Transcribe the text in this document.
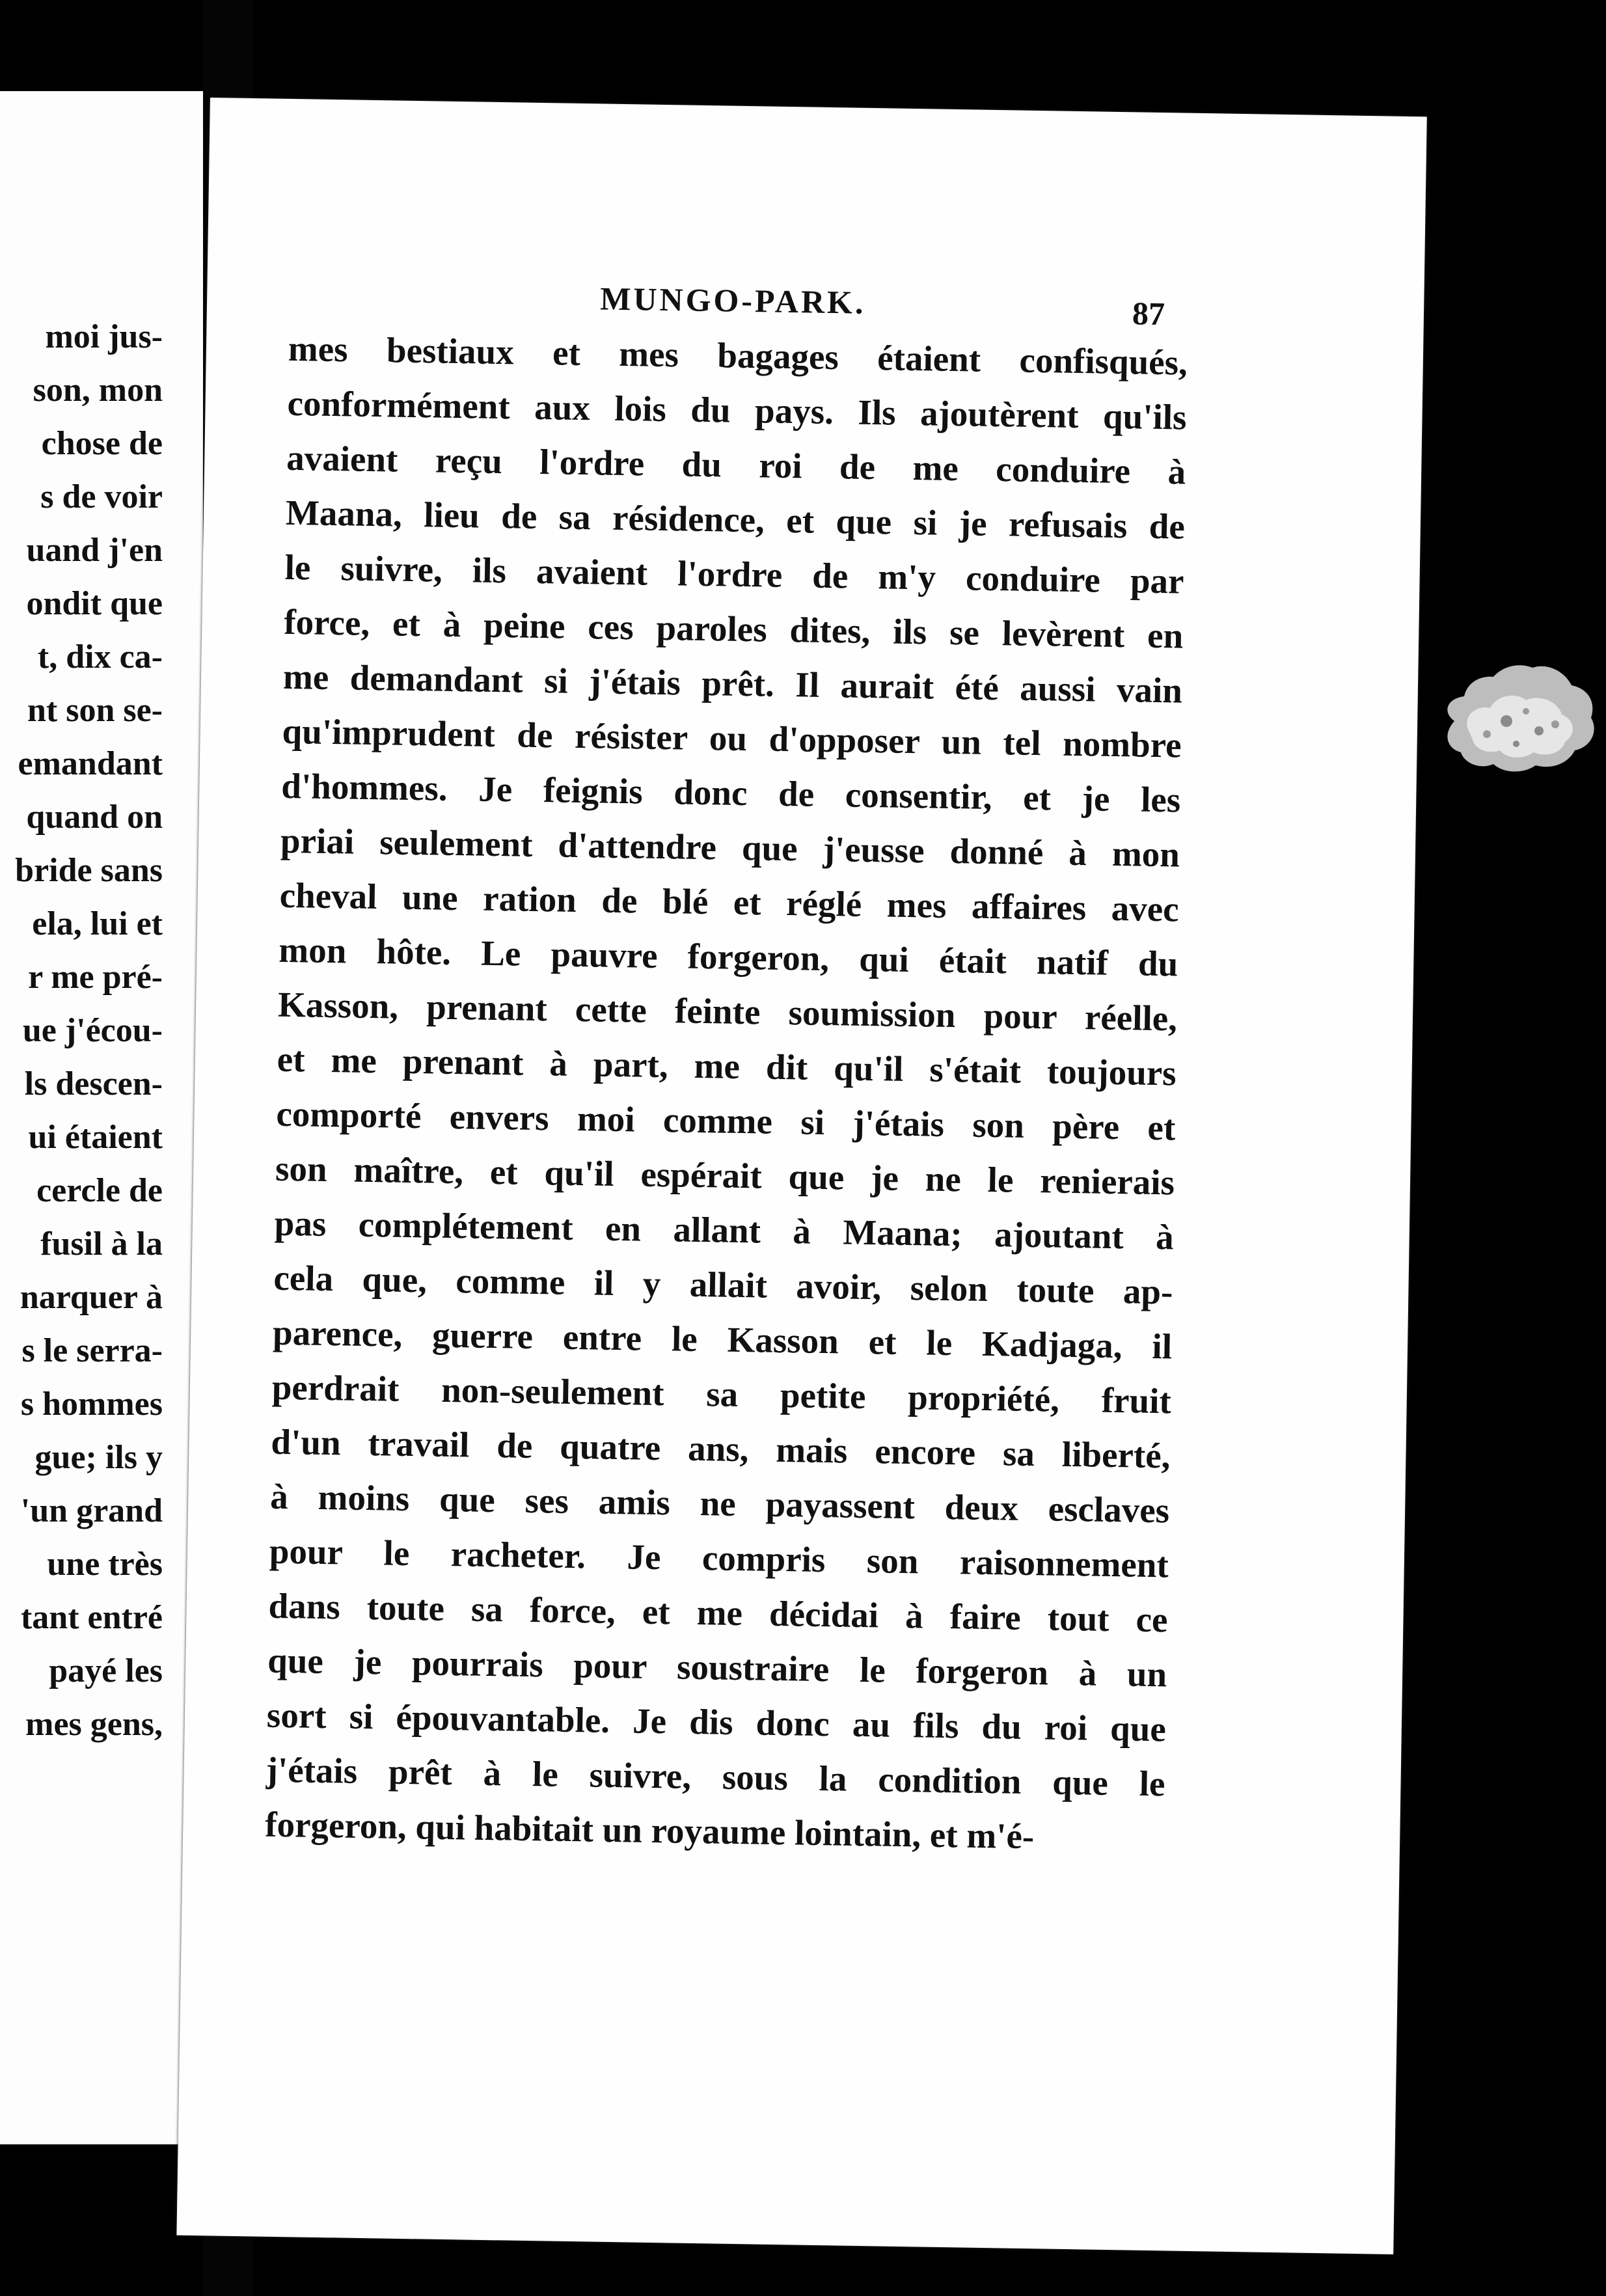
moi jus-
son, mon
chose de
s de voir
uand j'en
ondit que
t, dix ca-
nt son se-
emandant
quand on
bride sans
ela, lui et
r me pré-
ue j'écou-
ls descen-
ui étaient
cercle de
fusil à la
narquer à
s le serra-
s hommes
gue; ils y
'un grand
une très
tant entré
payé les
mes gens,
MUNGO-PARK.	87
mes bestiaux et mes bagages étaient confisqués,
conformément aux lois du pays. Ils ajoutèrent qu'ils
avaient reçu l'ordre du roi de me conduire à
Maana, lieu de sa résidence, et que si je refusais de
le suivre, ils avaient l'ordre de m'y conduire par
force, et à peine ces paroles dites, ils se levèrent en
me demandant si j'étais prêt. Il aurait été aussi vain
qu'imprudent de résister ou d'opposer un tel nombre
d'hommes. Je feignis donc de consentir, et je les
priai seulement d'attendre que j'eusse donné à mon
cheval une ration de blé et réglé mes affaires avec
mon hôte. Le pauvre forgeron, qui était natif du
Kasson, prenant cette feinte soumission pour réelle,
et me prenant à part, me dit qu'il s'était toujours
comporté envers moi comme si j'étais son père et
son maître, et qu'il espérait que je ne le renierais
pas complétement en allant à Maana; ajoutant à
cela que, comme il y allait avoir, selon toute ap-
parence, guerre entre le Kasson et le Kadjaga, il
perdrait non-seulement sa petite propriété, fruit
d'un travail de quatre ans, mais encore sa liberté,
à moins que ses amis ne payassent deux esclaves
pour le racheter. Je compris son raisonnement
dans toute sa force, et me décidai à faire tout ce
que je pourrais pour soustraire le forgeron à un
sort si épouvantable. Je dis donc au fils du roi que
j'étais prêt à le suivre, sous la condition que le
forgeron, qui habitait un royaume lointain, et m'é-
